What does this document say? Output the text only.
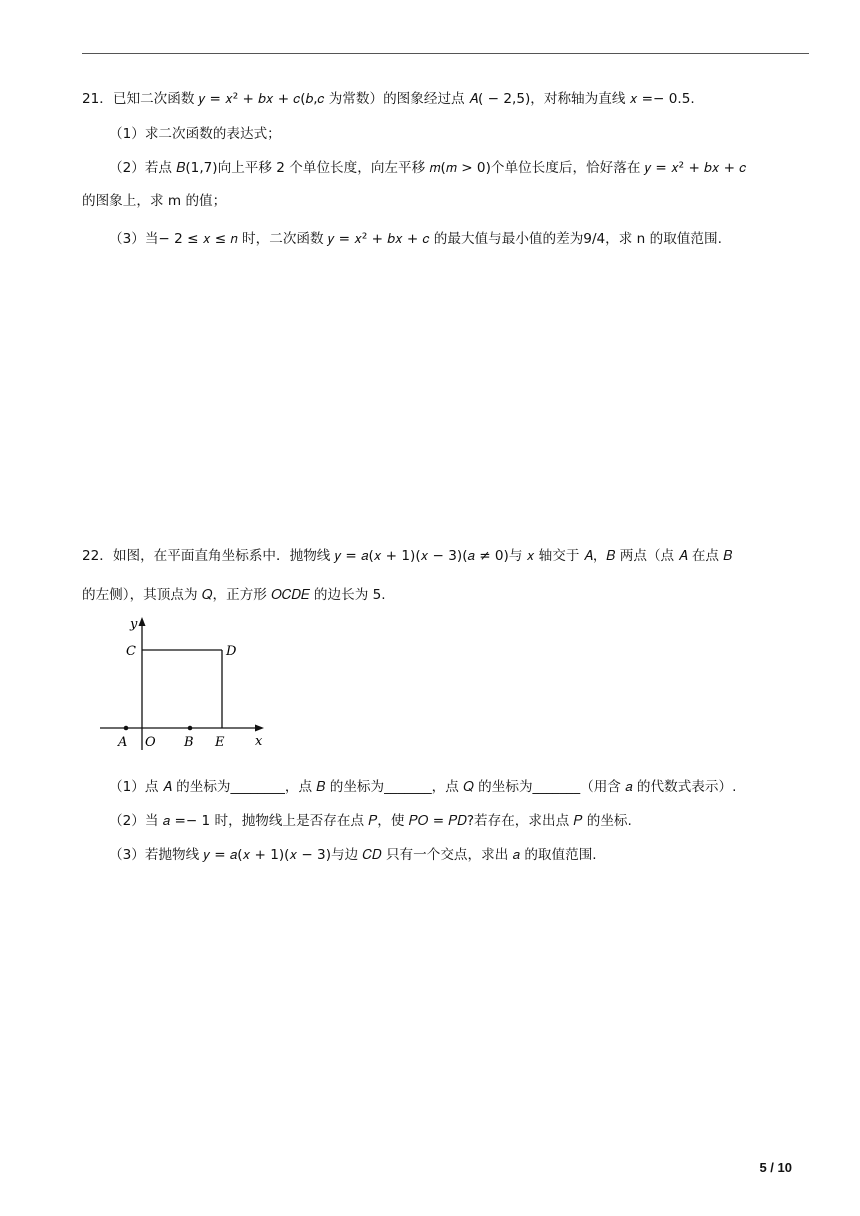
21．已知二次函数 𝑦 = 𝑥² + 𝑏𝑥 + 𝑐(𝑏,𝑐 为常数）的图象经过点 𝐴( − 2,5)，对称轴为直线 𝑥 =− 0.5.
（1）求二次函数的表达式；
（2）若点 𝐵(1,7)向上平移 2 个单位长度，向左平移 𝑚(𝑚 > 0)个单位长度后，恰好落在 𝑦 = 𝑥² + 𝑏𝑥 + 𝑐
的图象上，求 m 的值；
（3）当− 2 ≤ 𝑥 ≤ 𝑛 时，二次函数 𝑦 = 𝑥² + 𝑏𝑥 + 𝑐 的最大值与最小值的差为9/4，求 n 的取值范围.
22．如图，在平面直角坐标系中．抛物线 𝑦 = 𝑎(𝑥 + 1)(𝑥 − 3)(𝑎 ≠ 0)与 𝑥 轴交于 𝐴，𝐵 两点（点 𝐴 在点 𝐵
的左侧），其顶点为 𝑄，正方形 𝑂𝐶𝐷𝐸 的边长为 5.
y
C	D
A O B E x
（1）点 𝐴 的坐标为________，点 𝐵 的坐标为_______，点 𝑄 的坐标为_______（用含 𝑎 的代数式表示）.
（2）当 𝑎 =− 1 时，抛物线上是否存在点 𝑃，使 𝑃𝑂 = 𝑃𝐷?若存在，求出点 𝑃 的坐标.
（3）若抛物线 𝑦 = 𝑎(𝑥 + 1)(𝑥 − 3)与边 𝐶𝐷 只有一个交点，求出 𝑎 的取值范围.
5 / 10
